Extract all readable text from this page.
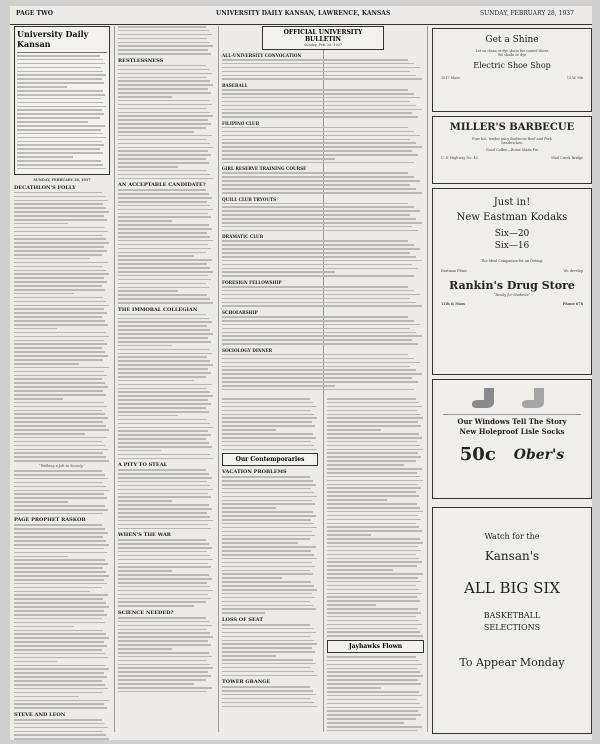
PAGE TWO	UNIVERSITY DAILY KANSAN, LAWRENCE, KANSAS	SUNDAY, FEBRUARY 28, 1937
University Daily Kansan
SUNDAY, FEBRUARY 28, 1937
DECATHLON'S FOLLY
“Walking a Jolt to Society.”
PAGE PROPHET RASKOB
STEVE AND LEON
RESTLESSNESS
AN ACCEPTABLE CANDIDATE?
THE IMMORAL COLLEGIAN
A PITY TO STEAL
WHEN'S THE WAR
SCIENCE NEEDED?
OFFICIAL UNIVERSITY BULLETIN
Sunday, Feb. 28, 1937
ALL-UNIVERSITY CONVOCATION
BASEBALL
FILIPINO CLUB
GIRL RESERVE TRAINING COURSE
QUILL CLUB TRYOUTS
DRAMATIC CLUB
FORESIGN FELLOWSHIP
SCHOLARSHIP
SOCIOLOGY DINNER
Our Contemporaries
VACATION PROBLEMS
LOSS OF SEAT
TOWER GRANGE
Jayhawks Flown

Get a Shine

Let us clean or dye those fur coated shoes

We shade or dye

Electric Shoe Shop

1017 Mass	11 W. 9th

MILLER'S BARBECUE

Fine hot, tender juicy Barbecue Beef and Pork

Sandwiches.

Good Coffee—Home Made Pie

U. S. Highway No. 40	Mud Creek Bridge

Just in!

New Eastman Kodaks

Six—20

Six—16

The Ideal Companion for an Outing.

Eastman Films	We develop

Rankin's Drug Store

“Ready for Students”

11th & Mass	Phone 678

Our Windows Tell The Story

New Holeproof Lisle Socks

50c Ober's

Watch for the

Kansan's

ALL BIG SIX

BASKETBALL

SELECTIONS

To Appear Monday
